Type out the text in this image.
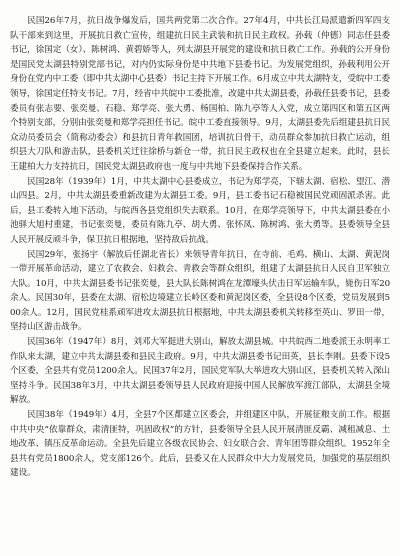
民国26年7月，抗日战争爆发后，国共两党第二次合作。27年4月，中共长江局派遣新四军四支队干部来到这里，开展抗日救亡宣传，组建抗日民主武装和抗日民主政权。孙载（仲德）同志任县委书记，徐国定（女）、陈树鸿、黄碧娇等人，列太湖县开展党的建设和抗日救亡工作。孙载的公开身份是国民党太湖县特别党部书记，对内仍实际身份是中共地下县委书记。为发展党组织，孙载利用公开身份在党内中工委（即中共太湖中心县委）书记主持下开展工作。6月成立中共太湖特支，受皖中工委领导，徐国定任特支书记。7月，经省中共皖中工委批准，改建中共太湖县委，孙载任县委书记，县委委员有张志要、张奕曼、石稳、郑学亮、张大勇、杨国柏、陈九亭等人入党，成立第四区和第五区两个特别支部，分别由张奕曼和郑学亮担任书记。皖中工委直接领导。9月，太湖县委先后组建县抗日民众动员委员会（简称动委会）和县抗日青年救国团，培训抗日骨干，动员群众参加抗日救亡运动，组织县大刀队和游击队，县委机关迁往徐桥与新仓一带，抗日民主政权也在全县建立起来。此时，县长王建柏大力支持抗日，国民党太湖县政府也一度与中共地下县委保持合作关系。

民国28年（1939年）1月，中共太湖中心县委成立，书记为郑学亮，下辖太湖、宿松、望江、潜山四县。2月，中共太湖县委重新改建为太湖县工委。9月，县工委书记石稳被国民党顽固派杀害。此后，县工委转入地下活动，与皖西各县党组织失去联系。10月，在郑学亮领导下，中共太湖县委在小池驿大旭村重建，书记张奕曼，委员有陈九亭、胡大勇、张怀凤、陈树鸿、张大勇等。县委领导全县人民开展反顽斗争，保卫抗日根据地，坚持敌后抗战。

民国29年，张扬宇（解放后任湖北省长）来领导青年抗日，在寺前、毛鸡、横山、太湖、黄泥岗一带开展革命活动，建立了农救会、妇救会、青救会等群众组织，组建了太湖县抗日人民自卫军独立大队。10月，中共太湖县委书记张奕曼，县大队长陈树鸿在龙潭壕头伏击日军运输车队，毙伤日军20余人。民国30年，县委在太湖、宿松边境建立长岭区委和黄泥岗区委，全县设8个区委，党员发展到500余人。12月，国民党桂系顽军进攻太湖县抗日根据地，中共太湖县委机关转移至英山、罗田一带，坚持山区游击战争。

民国36年（1947年）8月，刘邓大军挺进大别山，解放太湖县城。中共皖西二地委派王永明率工作队来太湖，建立中共太湖县委和县民主政府。9月，中共太湖县委书记田英，县长李刚。县委下设5个区委，全县共有党员1200余人。民国37年2月，国民党军队大举进攻大别山区，县委机关转入深山坚持斗争。民国38年3月，中共太湖县委领导县人民政府迎接中国人民解放军渡江部队，太湖县全境解放。

民国38年（1949年）4月，全县7个区都建立区委会，并组建区中队，开展征粮支前工作。根据中共中央“依靠群众，肃清匪特，巩固政权”的方针，县委领导全县人民开展清匪反霸、减租减息、土地改革、镇压反革命运动。全县先后建立各级农民协会、妇女联合会、青年团等群众组织。1952年全县共有党员1800余人，党支部126个。此后，县委又在人民群众中大力发展党员，加强党的基层组织建设。
